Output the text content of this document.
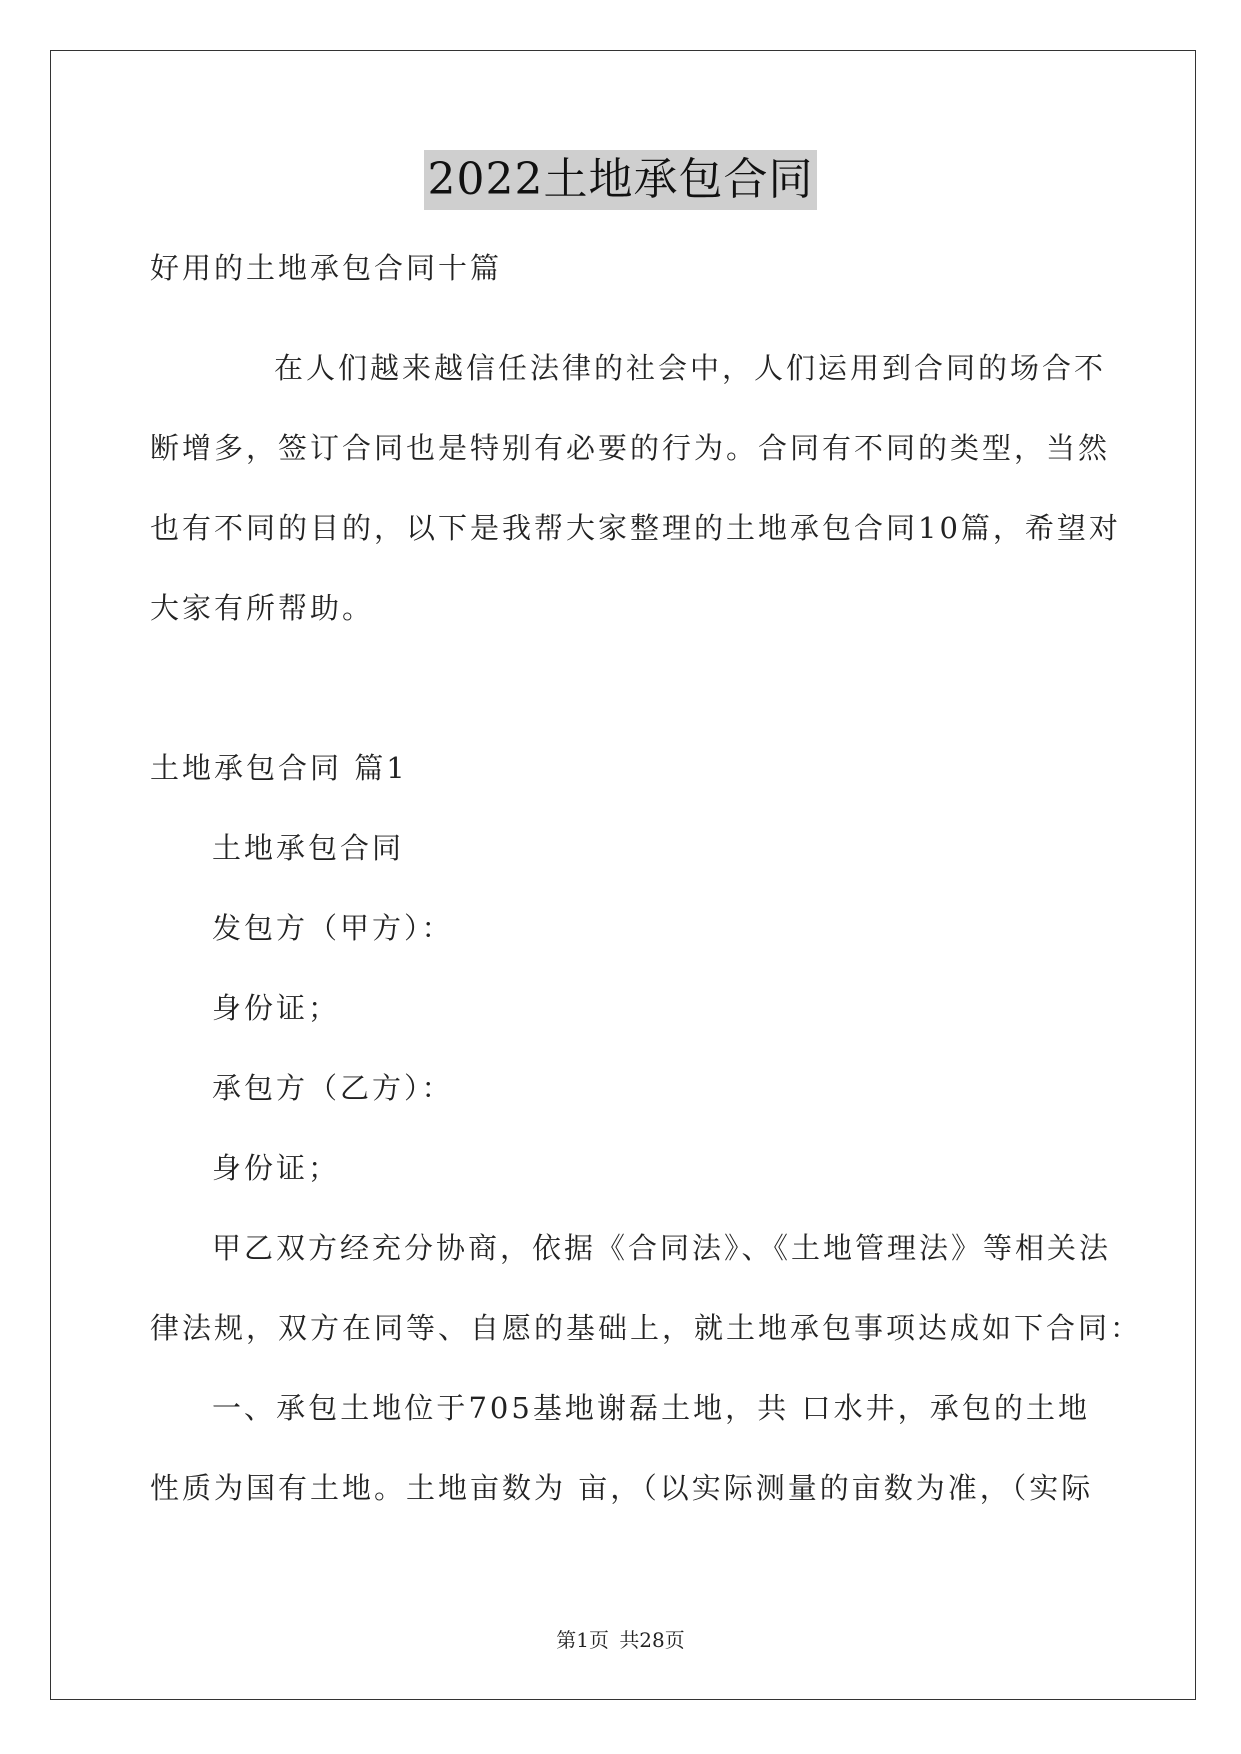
2022土地承包合同
好用的土地承包合同十篇
在人们越来越信任法律的社会中，人们运用到合同的场合不
断增多，签订合同也是特别有必要的行为。合同有不同的类型，当然
也有不同的目的，以下是我帮大家整理的土地承包合同10篇，希望对
大家有所帮助。
土地承包合同 篇1
土地承包合同
发包方（甲方）：
身份证；
承包方（乙方）：
身份证；
甲乙双方经充分协商，依据《合同法》、《土地管理法》等相关法
律法规，双方在同等、自愿的基础上，就土地承包事项达成如下合同：
一、承包土地位于705基地谢磊土地，共 口水井，承包的土地
性质为国有土地。土地亩数为 亩，（以实际测量的亩数为准，（实际
第1页 共28页
